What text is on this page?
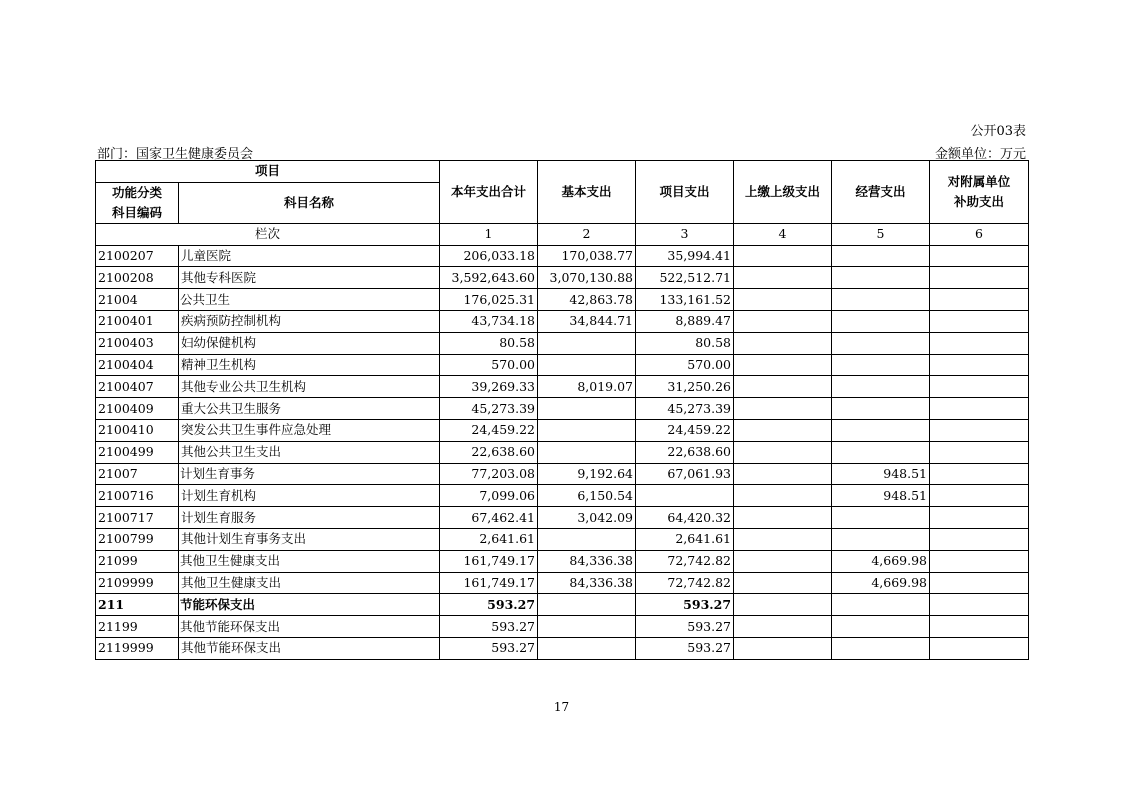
公开03表
部门：国家卫生健康委员会	金额单位：万元
项目		本年支出合计	基本支出	项目支出	上缴上级支出	经营支出	对附属单位
补助支出
功能分类
科目编码	科目名称						
栏次		1	2	3	4	5	6
2100207	儿童医院	206,033.18	170,038.77	35,994.41			
2100208	其他专科医院	3,592,643.60	3,070,130.88	522,512.71			
21004	公共卫生	176,025.31	42,863.78	133,161.52			
2100401	疾病预防控制机构	43,734.18	34,844.71	8,889.47			
2100403	妇幼保健机构	80.58		80.58			
2100404	精神卫生机构	570.00		570.00			
2100407	其他专业公共卫生机构	39,269.33	8,019.07	31,250.26			
2100409	重大公共卫生服务	45,273.39		45,273.39			
2100410	突发公共卫生事件应急处理	24,459.22		24,459.22			
2100499	其他公共卫生支出	22,638.60		22,638.60			
21007	计划生育事务	77,203.08	9,192.64	67,061.93		948.51	
2100716	计划生育机构	7,099.06	6,150.54			948.51	
2100717	计划生育服务	67,462.41	3,042.09	64,420.32			
2100799	其他计划生育事务支出	2,641.61		2,641.61			
21099	其他卫生健康支出	161,749.17	84,336.38	72,742.82		4,669.98	
2109999	其他卫生健康支出	161,749.17	84,336.38	72,742.82		4,669.98	
211	节能环保支出	593.27		593.27			
21199	其他节能环保支出	593.27		593.27			
2119999	其他节能环保支出	593.27		593.27			
17
